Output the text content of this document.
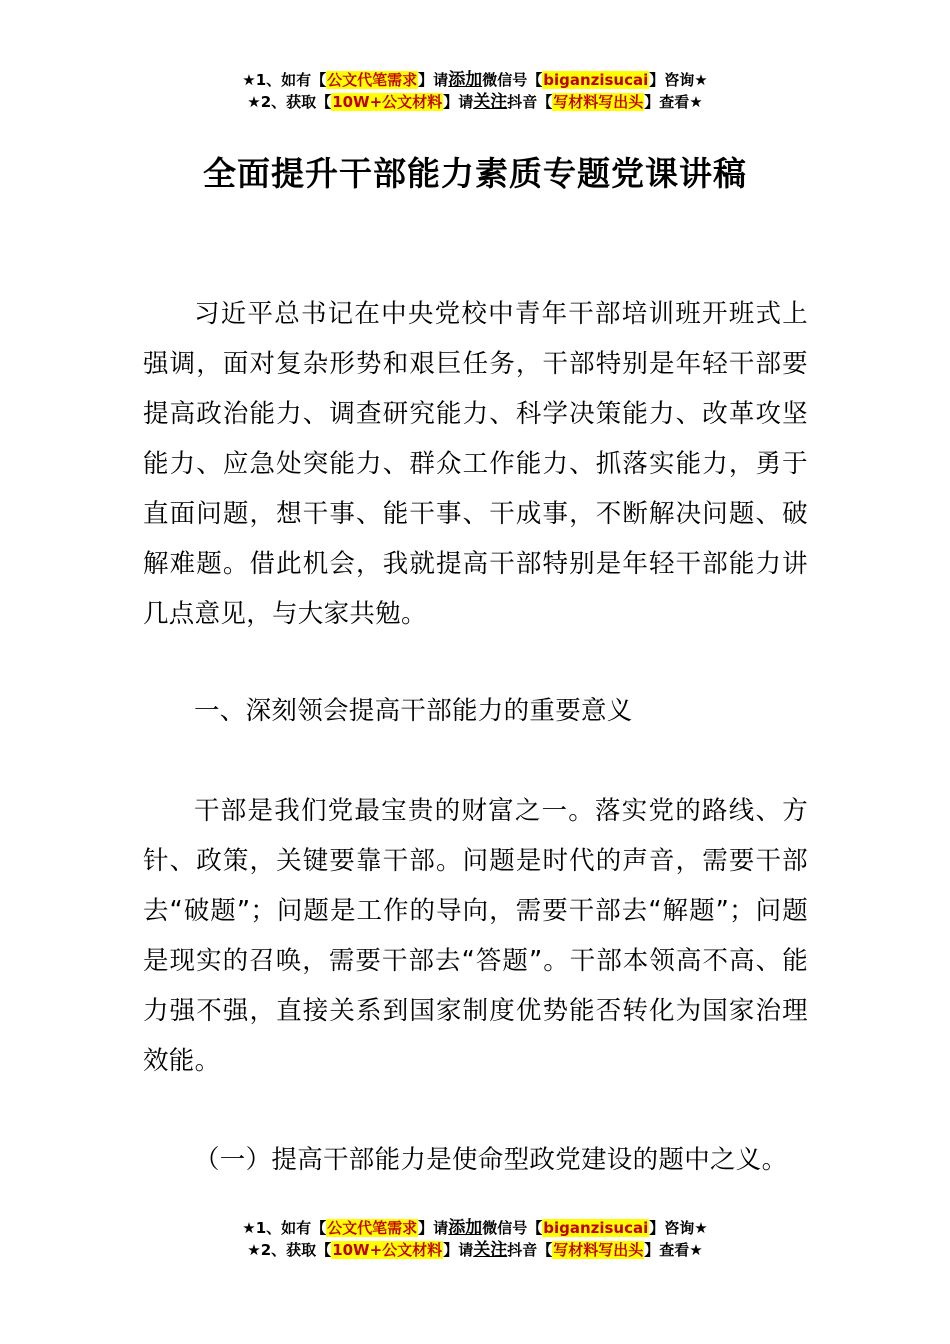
★1、如有【公文代笔需求】请添加微信号【biganzisucai】咨询★
★2、获取【10W+公文材料】请关注抖音【写材料写出头】查看★
全面提升干部能力素质专题党课讲稿

习近平总书记在中央党校中青年干部培训班开班式上强调，面对复杂形势和艰巨任务，干部特别是年轻干部要提高政治能力、调查研究能力、科学决策能力、改革攻坚能力、应急处突能力、群众工作能力、抓落实能力，勇于直面问题，想干事、能干事、干成事，不断解决问题、破解难题。借此机会，我就提高干部特别是年轻干部能力讲几点意见，与大家共勉。

一、深刻领会提高干部能力的重要意义

干部是我们党最宝贵的财富之一。落实党的路线、方针、政策，关键要靠干部。问题是时代的声音，需要干部去“破题”；问题是工作的导向，需要干部去“解题”；问题是现实的召唤，需要干部去“答题”。干部本领高不高、能力强不强，直接关系到国家制度优势能否转化为国家治理效能。

（一）提高干部能力是使命型政党建设的题中之义。

★1、如有【公文代笔需求】请添加微信号【biganzisucai】咨询★
★2、获取【10W+公文材料】请关注抖音【写材料写出头】查看★
